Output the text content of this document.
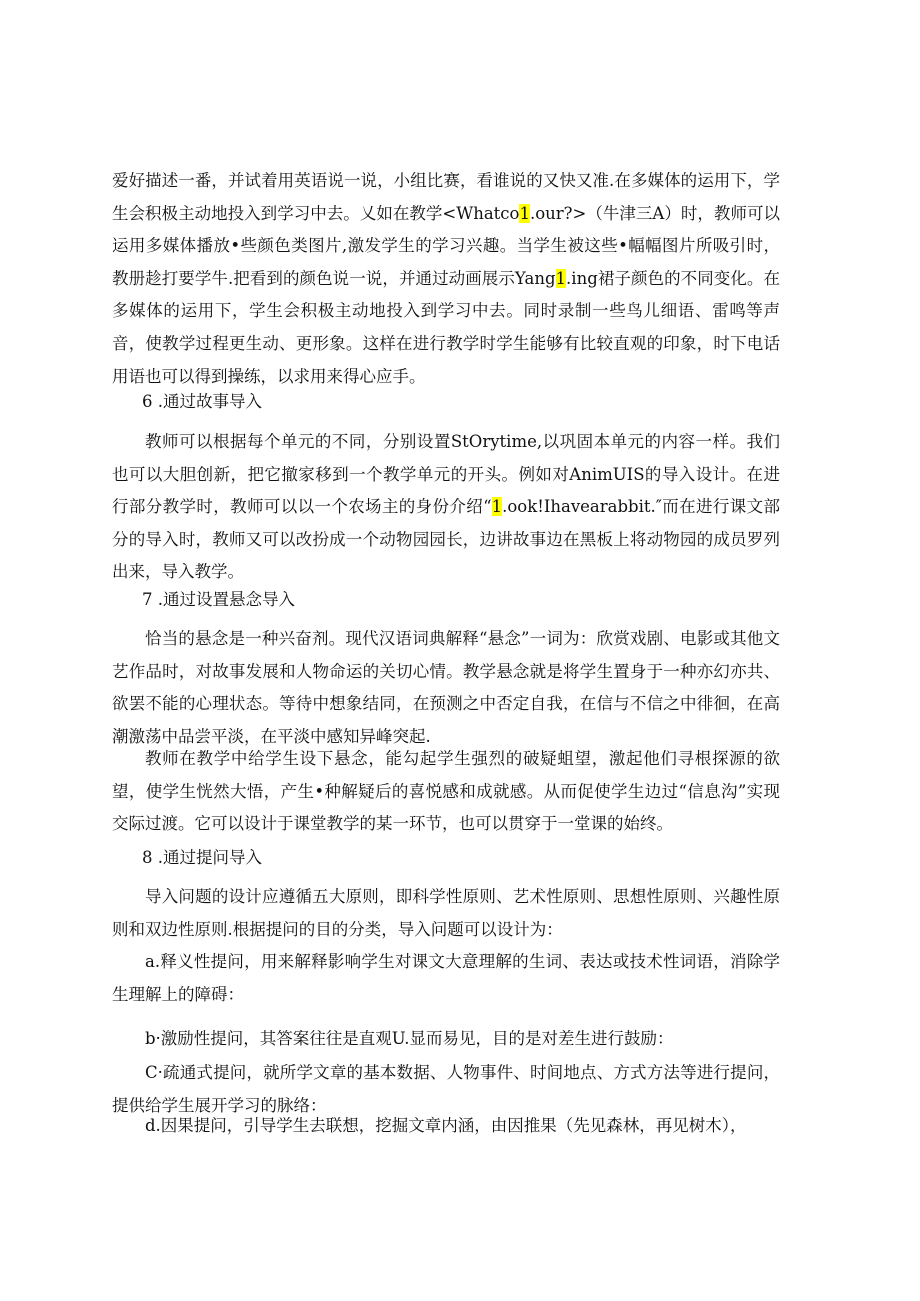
爱好描述一番，并试着用英语说一说，小组比赛，看谁说的又快又准.在多媒体的运用下，学生会积极主动地投入到学习中去。乂如在教学<Whatco1.our?>（牛津三A）时，教师可以运用多媒体播放•些颜色类图片,激发学生的学习兴趣。当学生被这些•幅幅图片所吸引时，教册趁打要学牛.把看到的颜色说一说，并通过动画展示Yang1.ing裙子颜色的不同变化。在多媒体的运用下，学生会积极主动地投入到学习中去。同时录制一些鸟儿细语、雷鸣等声音，使教学过程更生动、更形象。这样在进行教学时学生能够有比较直观的印象，时下电话用语也可以得到操练，以求用来得心应手。

6 .通过故事导入

教师可以根据每个单元的不同，分别设置StOrytime,以巩固本单元的内容一样。我们也可以大胆创新，把它撤家移到一个教学单元的开头。例如对AnimUIS的导入设计。在进行部分教学时，教师可以以一个农场主的身份介绍“1.ook!Ihavearabbit.″而在进行课文部分的导入时，教师又可以改扮成一个动物园园长，边讲故事边在黑板上将动物园的成员罗列出来，导入教学。

7 .通过设置悬念导入

恰当的悬念是一种兴奋剂。现代汉语词典解释“悬念”一词为：欣赏戏剧、电影或其他文艺作品时，对故事发展和人物命运的关切心情。教学悬念就是将学生置身于一种亦幻亦共、欲罢不能的心理状态。等待中想象结同，在预测之中否定自我，在信与不信之中徘徊，在高潮激荡中品尝平淡，在平淡中感知异峰突起.

教师在教学中给学生设下悬念，能勾起学生强烈的破疑蛆望，激起他们寻根探源的欲望，使学生恍然大悟，产生•种解疑后的喜悦感和成就感。从而促使学生边过“信息沟”实现交际过渡。它可以设计于课堂教学的某一环节，也可以贯穿于一堂课的始终。

8 .通过提问导入

导入问题的设计应遵循五大原则，即科学性原则、艺术性原则、思想性原则、兴趣性原则和双边性原则.根据提问的目的分类，导入问题可以设计为：

a.释义性提问，用来解释影响学生对课文大意理解的生词、表达或技术性词语，消除学生理解上的障碍：

b·激励性提问，其答案往往是直观U.显而易见，目的是对差生进行鼓励：

C·疏通式提问，就所学文章的基本数据、人物事件、时间地点、方式方法等进行提问，提供给学生展开学习的脉络：

d.因果提问，引导学生去联想，挖掘文章内涵，由因推果（先见森林，再见树木），
